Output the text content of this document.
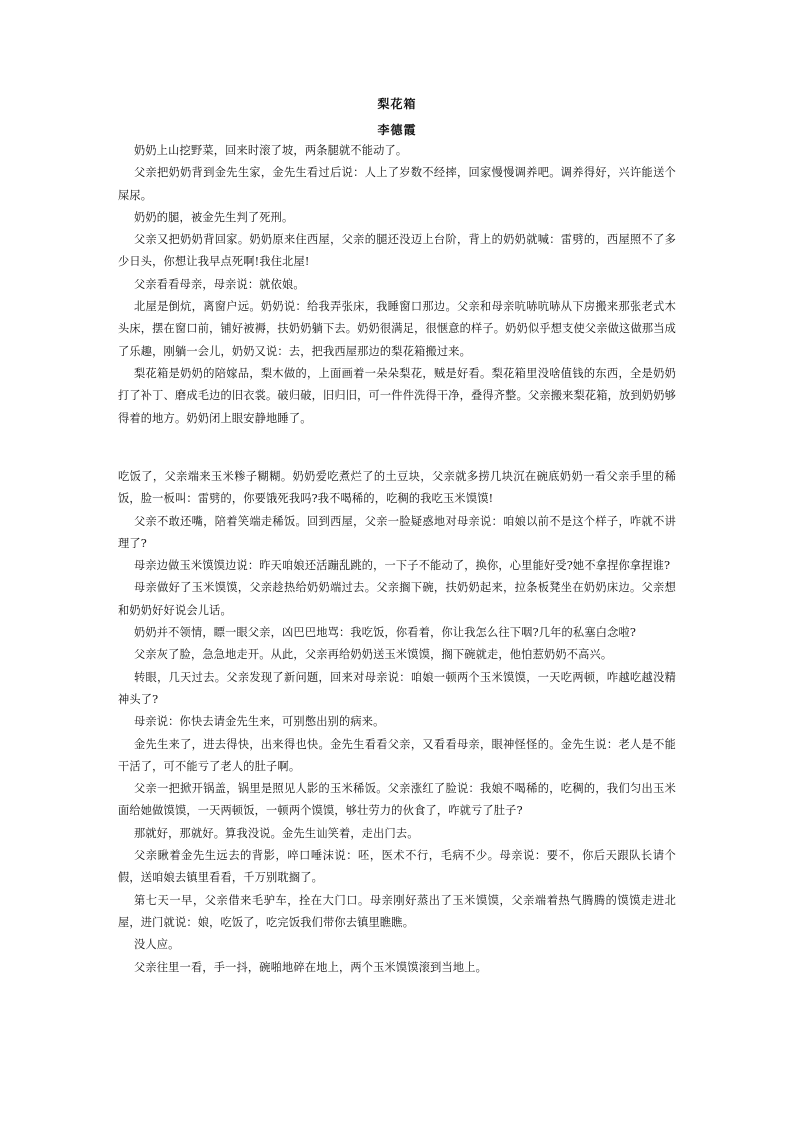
梨花箱
李德霞

奶奶上山挖野菜，回来时滚了坡，两条腿就不能动了。

父亲把奶奶背到金先生家，金先生看过后说：人上了岁数不经摔，回家慢慢调养吧。调养得好，兴许能送个屎尿。

奶奶的腿，被金先生判了死刑。

父亲又把奶奶背回家。奶奶原来住西屋，父亲的腿还没迈上台阶，背上的奶奶就喊：雷劈的，西屋照不了多少日头，你想让我早点死啊!我住北屋!

父亲看看母亲，母亲说：就依娘。

北屋是倒炕，离窗户远。奶奶说：给我弄张床，我睡窗口那边。父亲和母亲吭哧吭哧从下房搬来那张老式木头床，摆在窗口前，铺好被褥，扶奶奶躺下去。奶奶很满足，很惬意的样子。奶奶似乎想支使父亲做这做那当成了乐趣，刚躺一会儿，奶奶又说：去，把我西屋那边的梨花箱搬过来。

梨花箱是奶奶的陪嫁品，梨木做的，上面画着一朵朵梨花，贼是好看。梨花箱里没啥值钱的东西，全是奶奶打了补丁、磨成毛边的旧衣裳。破归破，旧归旧，可一件件洗得干净，叠得齐整。父亲搬来梨花箱，放到奶奶够得着的地方。奶奶闭上眼安静地睡了。

吃饭了，父亲端来玉米糁子糊糊。奶奶爱吃煮烂了的土豆块，父亲就多捞几块沉在碗底奶奶一看父亲手里的稀饭，脸一板叫：雷劈的，你要饿死我吗?我不喝稀的，吃稠的我吃玉米馍馍!

父亲不敢还嘴，陪着笑端走稀饭。回到西屋，父亲一脸疑惑地对母亲说：咱娘以前不是这个样子，咋就不讲理了?

母亲边做玉米馍馍边说：昨天咱娘还活蹦乱跳的，一下子不能动了，换你，心里能好受?她不拿捏你拿捏谁?

母亲做好了玉米馍馍，父亲趁热给奶奶端过去。父亲搁下碗，扶奶奶起来，拉条板凳坐在奶奶床边。父亲想和奶奶好好说会儿话。

奶奶并不领情，瞟一眼父亲，凶巴巴地骂：我吃饭，你看着，你让我怎么往下咽?几年的私塞白念啦?

父亲灰了脸，急急地走开。从此，父亲再给奶奶送玉米馍馍，搁下碗就走，他怕惹奶奶不高兴。

转眼，几天过去。父亲发现了新问题，回来对母亲说：咱娘一顿两个玉米馍馍，一天吃两顿，咋越吃越没精神头了?

母亲说：你快去请金先生来，可别憋出别的病来。

金先生来了，进去得快，出来得也快。金先生看看父亲，又看看母亲，眼神怪怪的。金先生说：老人是不能干活了，可不能亏了老人的肚子啊。

父亲一把掀开锅盖，锅里是照见人影的玉米稀饭。父亲涨红了脸说：我娘不喝稀的，吃稠的，我们匀出玉米面给她做馍馍，一天两顿饭，一顿两个馍馍，够壮劳力的伙食了，咋就亏了肚子?

那就好，那就好。算我没说。金先生讪笑着，走出门去。

父亲瞅着金先生远去的背影，啐口唾沫说：呸，医术不行，毛病不少。母亲说：要不，你后天跟队长请个假，送咱娘去镇里看看，千万别耽搁了。

第七天一早，父亲借来毛驴车，拴在大门口。母亲刚好蒸出了玉米馍馍，父亲端着热气腾腾的馍馍走进北屋，进门就说：娘，吃饭了，吃完饭我们带你去镇里瞧瞧。

没人应。

父亲往里一看，手一抖，碗啪地碎在地上，两个玉米馍馍滚到当地上。
